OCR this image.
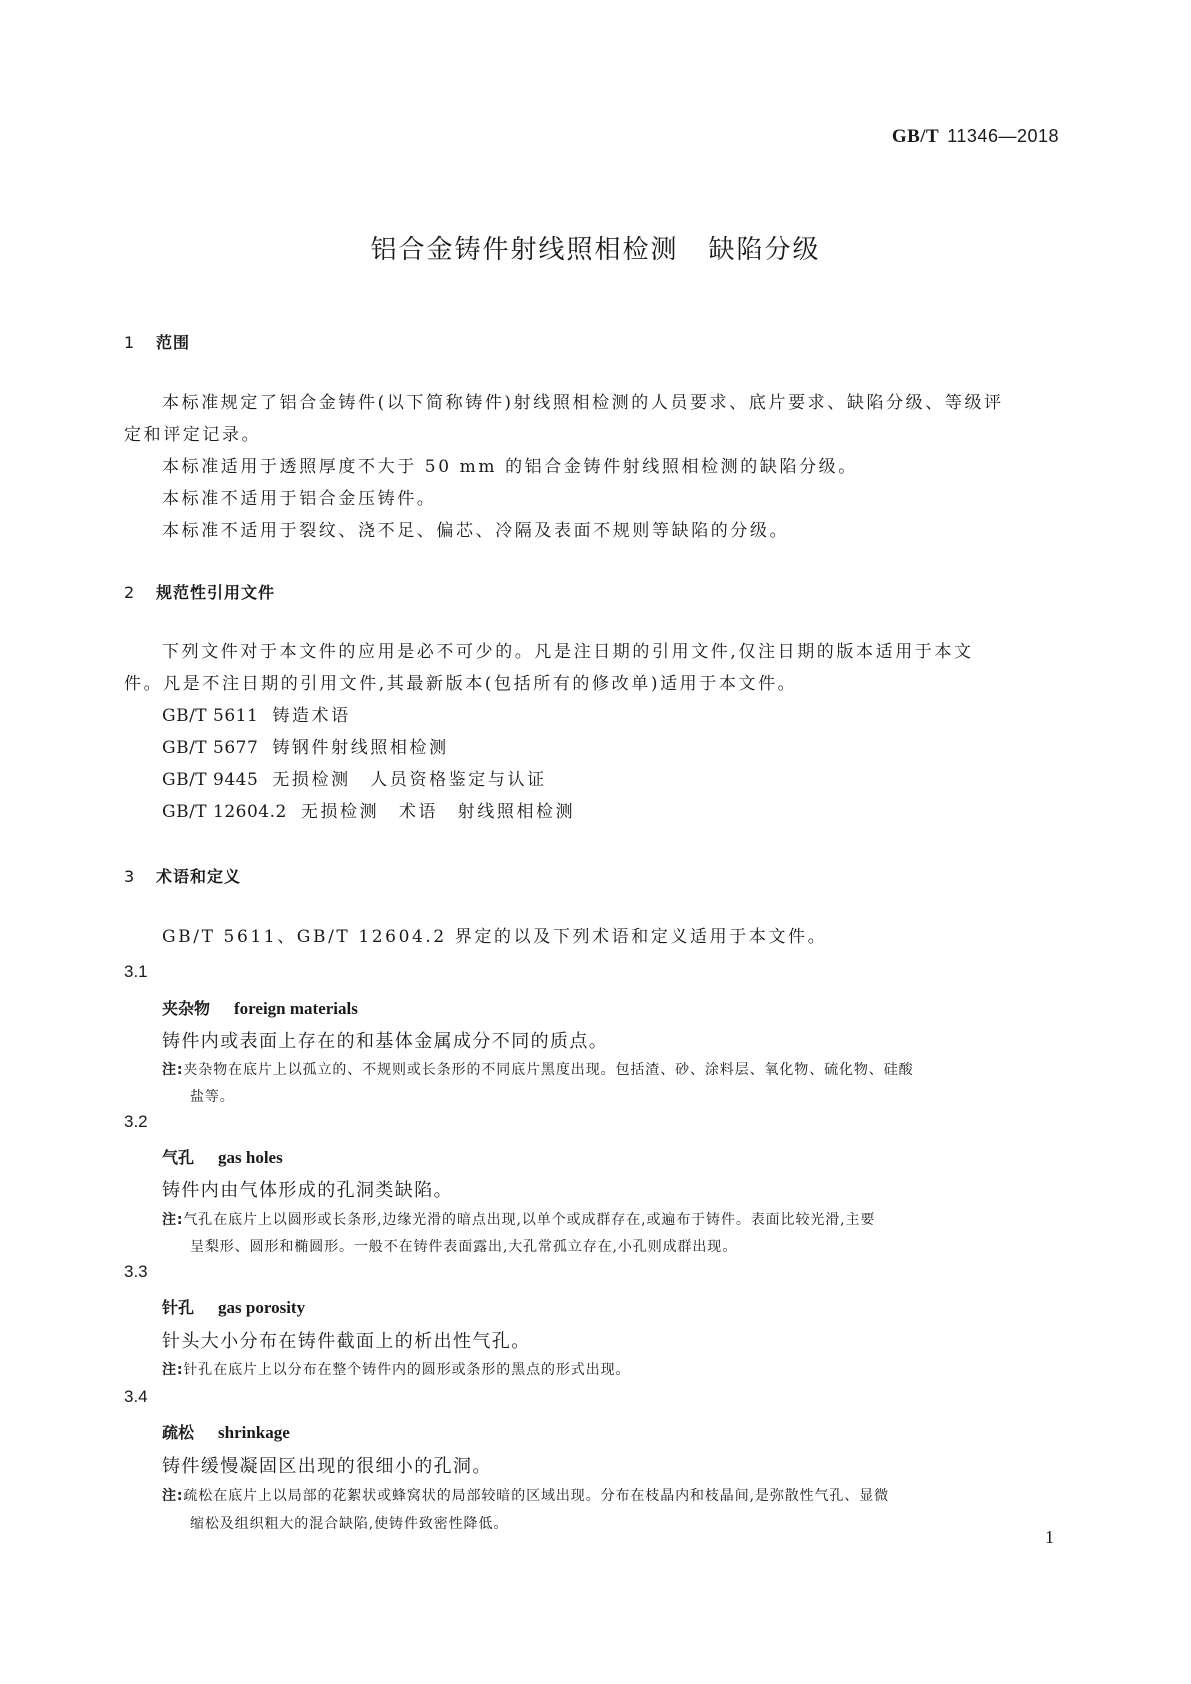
GB/T 11346—2018
铝合金铸件射线照相检测 缺陷分级
1 范围
本标准规定了铝合金铸件(以下简称铸件)射线照相检测的人员要求、底片要求、缺陷分级、等级评
定和评定记录。
本标准适用于透照厚度不大于 50 mm 的铝合金铸件射线照相检测的缺陷分级。
本标准不适用于铝合金压铸件。
本标准不适用于裂纹、浇不足、偏芯、冷隔及表面不规则等缺陷的分级。
2 规范性引用文件
下列文件对于本文件的应用是必不可少的。凡是注日期的引用文件,仅注日期的版本适用于本文
件。凡是不注日期的引用文件,其最新版本(包括所有的修改单)适用于本文件。
GB/T 5611 铸造术语
GB/T 5677 铸钢件射线照相检测
GB/T 9445 无损检测　人员资格鉴定与认证
GB/T 12604.2 无损检测　术语　射线照相检测
3 术语和定义
GB/T 5611、GB/T 12604.2 界定的以及下列术语和定义适用于本文件。
3.1
夹杂物 foreign materials
铸件内或表面上存在的和基体金属成分不同的质点。
注:夹杂物在底片上以孤立的、不规则或长条形的不同底片黑度出现。包括渣、砂、涂料层、氧化物、硫化物、硅酸
盐等。
3.2
气孔 gas holes
铸件内由气体形成的孔洞类缺陷。
注:气孔在底片上以圆形或长条形,边缘光滑的暗点出现,以单个或成群存在,或遍布于铸件。表面比较光滑,主要
呈梨形、圆形和椭圆形。一般不在铸件表面露出,大孔常孤立存在,小孔则成群出现。
3.3
针孔 gas porosity
针头大小分布在铸件截面上的析出性气孔。
注:针孔在底片上以分布在整个铸件内的圆形或条形的黑点的形式出现。
3.4
疏松 shrinkage
铸件缓慢凝固区出现的很细小的孔洞。
注:疏松在底片上以局部的花絮状或蜂窝状的局部较暗的区域出现。分布在枝晶内和枝晶间,是弥散性气孔、显微
缩松及组织粗大的混合缺陷,使铸件致密性降低。
1
